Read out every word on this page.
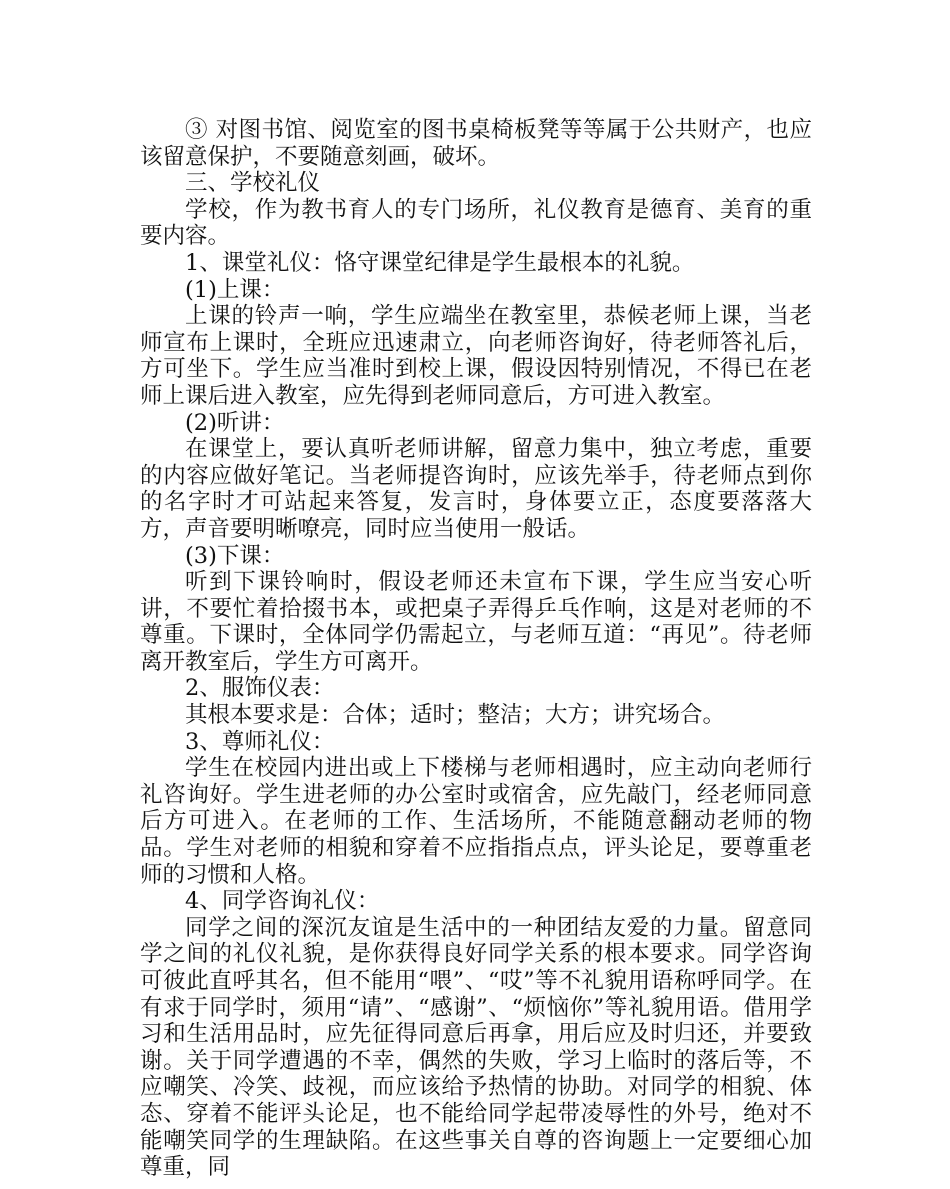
③ 对图书馆、阅览室的图书桌椅板凳等等属于公共财产，也应该留意保护，不要随意刻画，破坏。

三、学校礼仪

学校，作为教书育人的专门场所，礼仪教育是德育、美育的重要内容。

1、课堂礼仪：恪守课堂纪律是学生最根本的礼貌。

(1)上课：

上课的铃声一响，学生应端坐在教室里，恭候老师上课，当老师宣布上课时，全班应迅速肃立，向老师咨询好，待老师答礼后，方可坐下。学生应当准时到校上课，假设因特别情况，不得已在老师上课后进入教室，应先得到老师同意后，方可进入教室。

(2)听讲：

在课堂上，要认真听老师讲解，留意力集中，独立考虑，重要的内容应做好笔记。当老师提咨询时，应该先举手，待老师点到你的名字时才可站起来答复，发言时，身体要立正，态度要落落大方，声音要明晰嘹亮，同时应当使用一般话。

(3)下课：

听到下课铃响时，假设老师还未宣布下课，学生应当安心听讲，不要忙着拾掇书本，或把桌子弄得乒乓作响，这是对老师的不尊重。下课时，全体同学仍需起立，与老师互道：“再见”。待老师离开教室后，学生方可离开。

2、服饰仪表：

其根本要求是：合体；适时；整洁；大方；讲究场合。

3、尊师礼仪：

学生在校园内进出或上下楼梯与老师相遇时，应主动向老师行礼咨询好。学生进老师的办公室时或宿舍，应先敲门，经老师同意后方可进入。在老师的工作、生活场所，不能随意翻动老师的物品。学生对老师的相貌和穿着不应指指点点，评头论足，要尊重老师的习惯和人格。

4、同学咨询礼仪：

同学之间的深沉友谊是生活中的一种团结友爱的力量。留意同学之间的礼仪礼貌，是你获得良好同学关系的根本要求。同学咨询可彼此直呼其名，但不能用“喂”、“哎”等不礼貌用语称呼同学。在有求于同学时，须用“请”、“感谢”、“烦恼你”等礼貌用语。借用学习和生活用品时，应先征得同意后再拿，用后应及时归还，并要致谢。关于同学遭遇的不幸，偶然的失败，学习上临时的落后等，不应嘲笑、冷笑、歧视，而应该给予热情的协助。对同学的相貌、体态、穿着不能评头论足，也不能给同学起带凌辱性的外号，绝对不能嘲笑同学的生理缺陷。在这些事关自尊的咨询题上一定要细心加尊重，同
